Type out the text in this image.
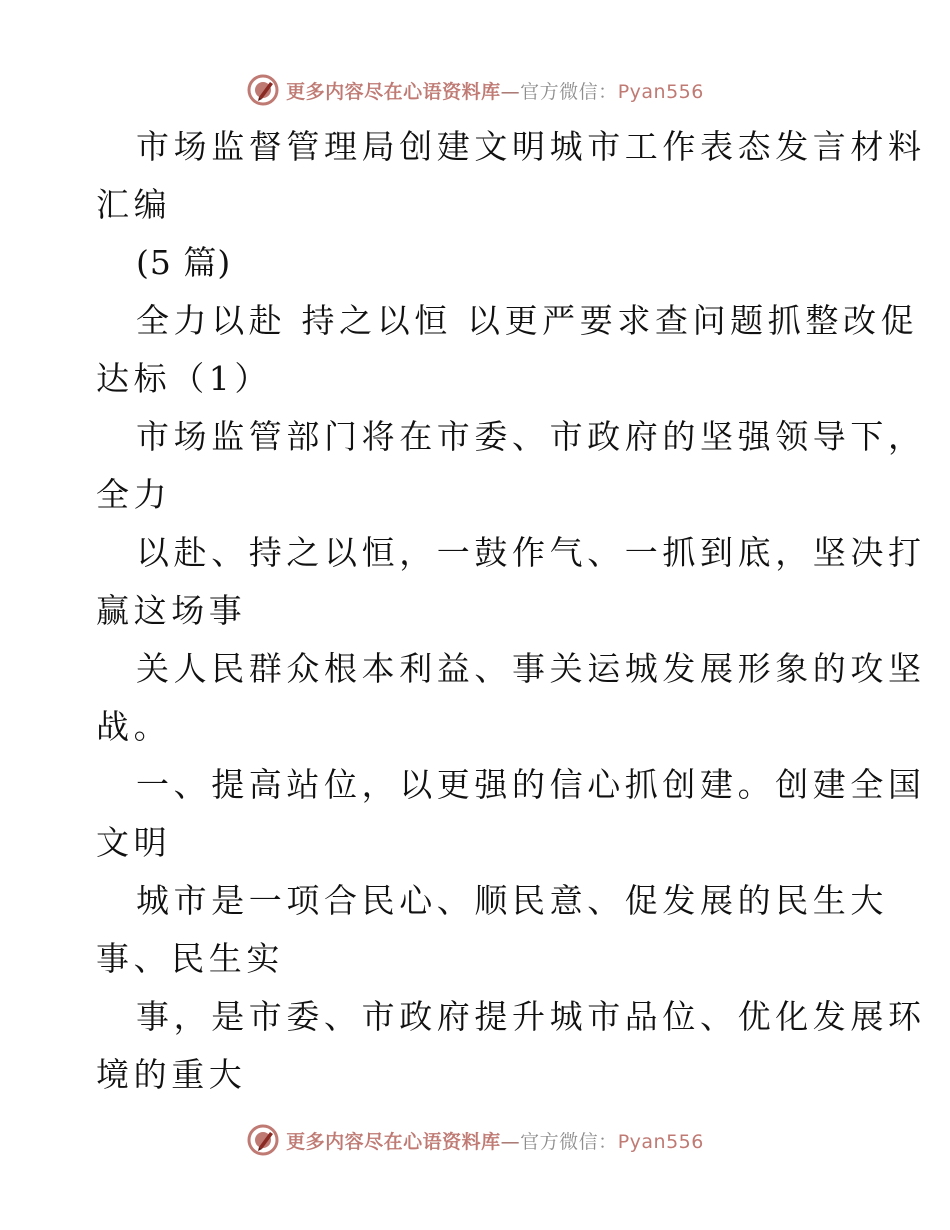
更多内容尽在心语资料库—官方微信：Pyan556
市场监督管理局创建文明城市工作表态发言材料
汇编
(5 篇)
全力以赴 持之以恒 以更严要求查问题抓整改促
达标（1）
市场监管部门将在市委、市政府的坚强领导下，
全力
以赴、持之以恒，一鼓作气、一抓到底，坚决打
赢这场事
关人民群众根本利益、事关运城发展形象的攻坚
战。
一、提高站位，以更强的信心抓创建。创建全国
文明
城市是一项合民心、顺民意、促发展的民生大
事、民生实
事，是市委、市政府提升城市品位、优化发展环
境的重大
更多内容尽在心语资料库—官方微信：Pyan556
